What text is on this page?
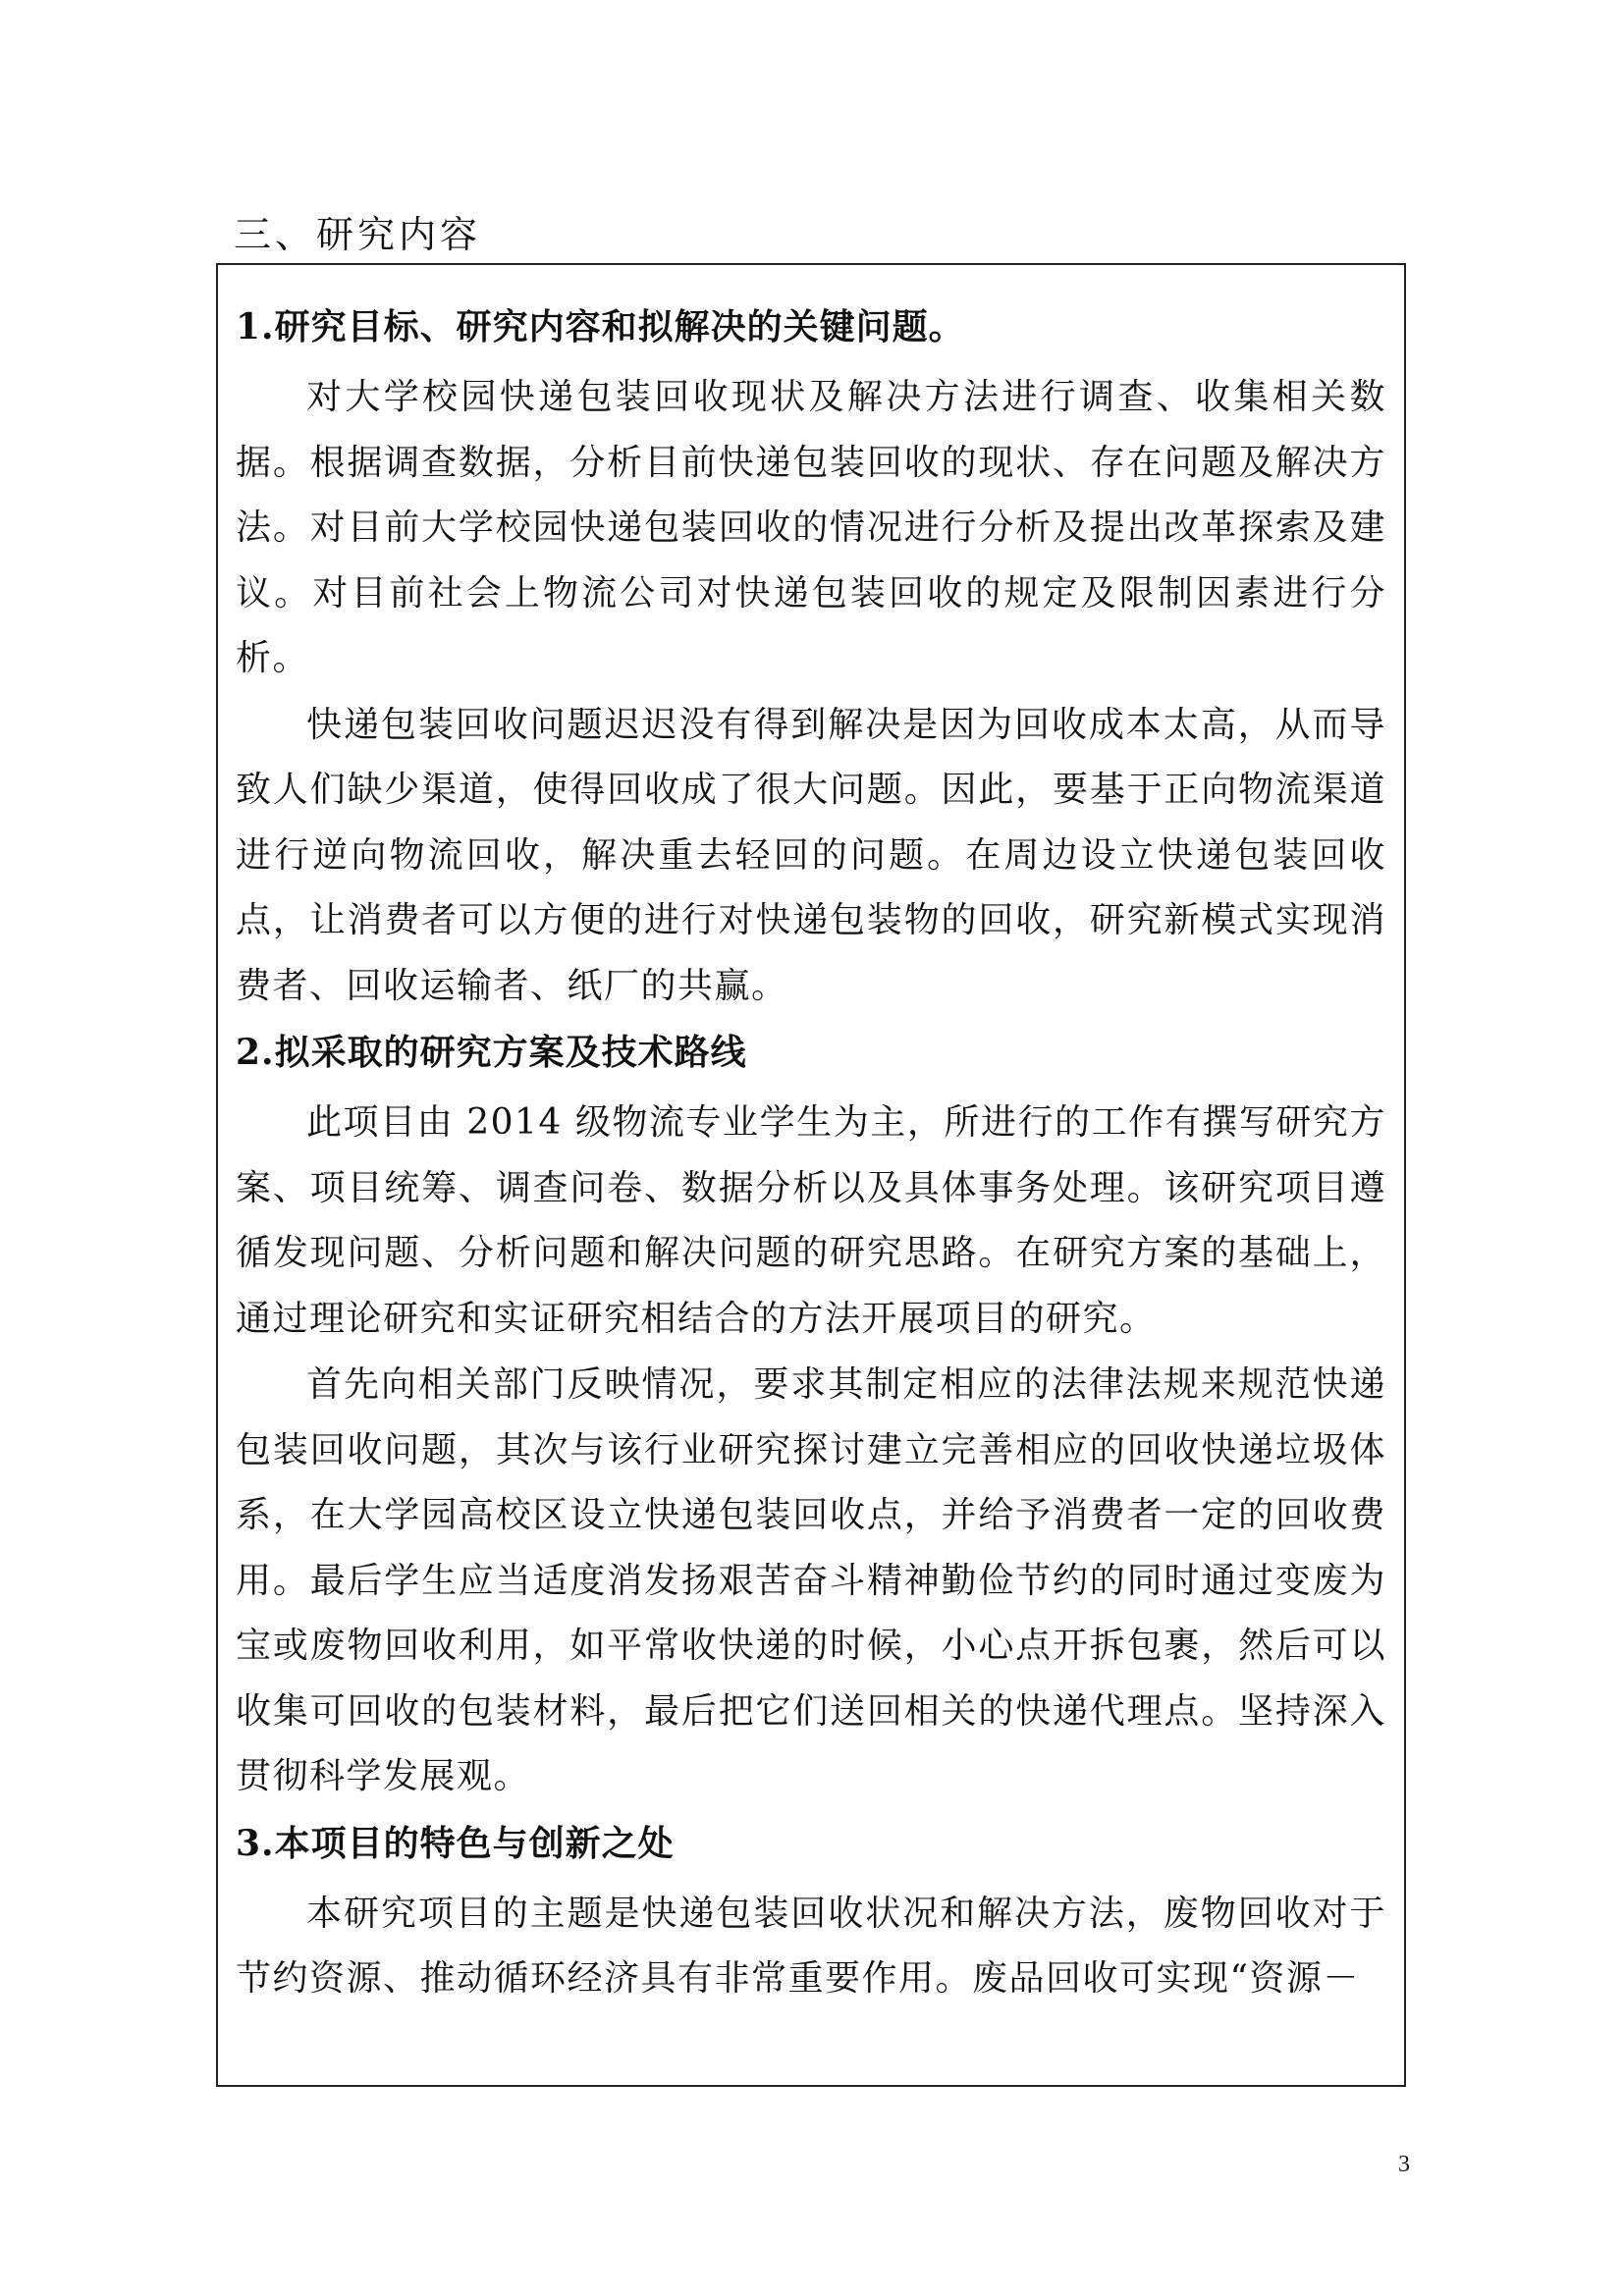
三、研究内容
1.研究目标、研究内容和拟解决的关键问题。

对大学校园快递包装回收现状及解决方法进行调查、收集相关数据。根据调查数据，分析目前快递包装回收的现状、存在问题及解决方法。对目前大学校园快递包装回收的情况进行分析及提出改革探索及建议。对目前社会上物流公司对快递包装回收的规定及限制因素进行分析。

快递包装回收问题迟迟没有得到解决是因为回收成本太高，从而导致人们缺少渠道，使得回收成了很大问题。因此，要基于正向物流渠道进行逆向物流回收，解决重去轻回的问题。在周边设立快递包装回收点，让消费者可以方便的进行对快递包装物的回收，研究新模式实现消费者、回收运输者、纸厂的共赢。

2.拟采取的研究方案及技术路线

此项目由 2014 级物流专业学生为主，所进行的工作有撰写研究方案、项目统筹、调查问卷、数据分析以及具体事务处理。该研究项目遵循发现问题、分析问题和解决问题的研究思路。在研究方案的基础上，通过理论研究和实证研究相结合的方法开展项目的研究。

首先向相关部门反映情况，要求其制定相应的法律法规来规范快递包装回收问题，其次与该行业研究探讨建立完善相应的回收快递垃圾体系，在大学园高校区设立快递包装回收点，并给予消费者一定的回收费用。最后学生应当适度消发扬艰苦奋斗精神勤俭节约的同时通过变废为宝或废物回收利用，如平常收快递的时候，小心点开拆包裹，然后可以收集可回收的包装材料，最后把它们送回相关的快递代理点。坚持深入贯彻科学发展观。

3.本项目的特色与创新之处

本研究项目的主题是快递包装回收状况和解决方法，废物回收对于节约资源、推动循环经济具有非常重要作用。废品回收可实现“资源－

3
